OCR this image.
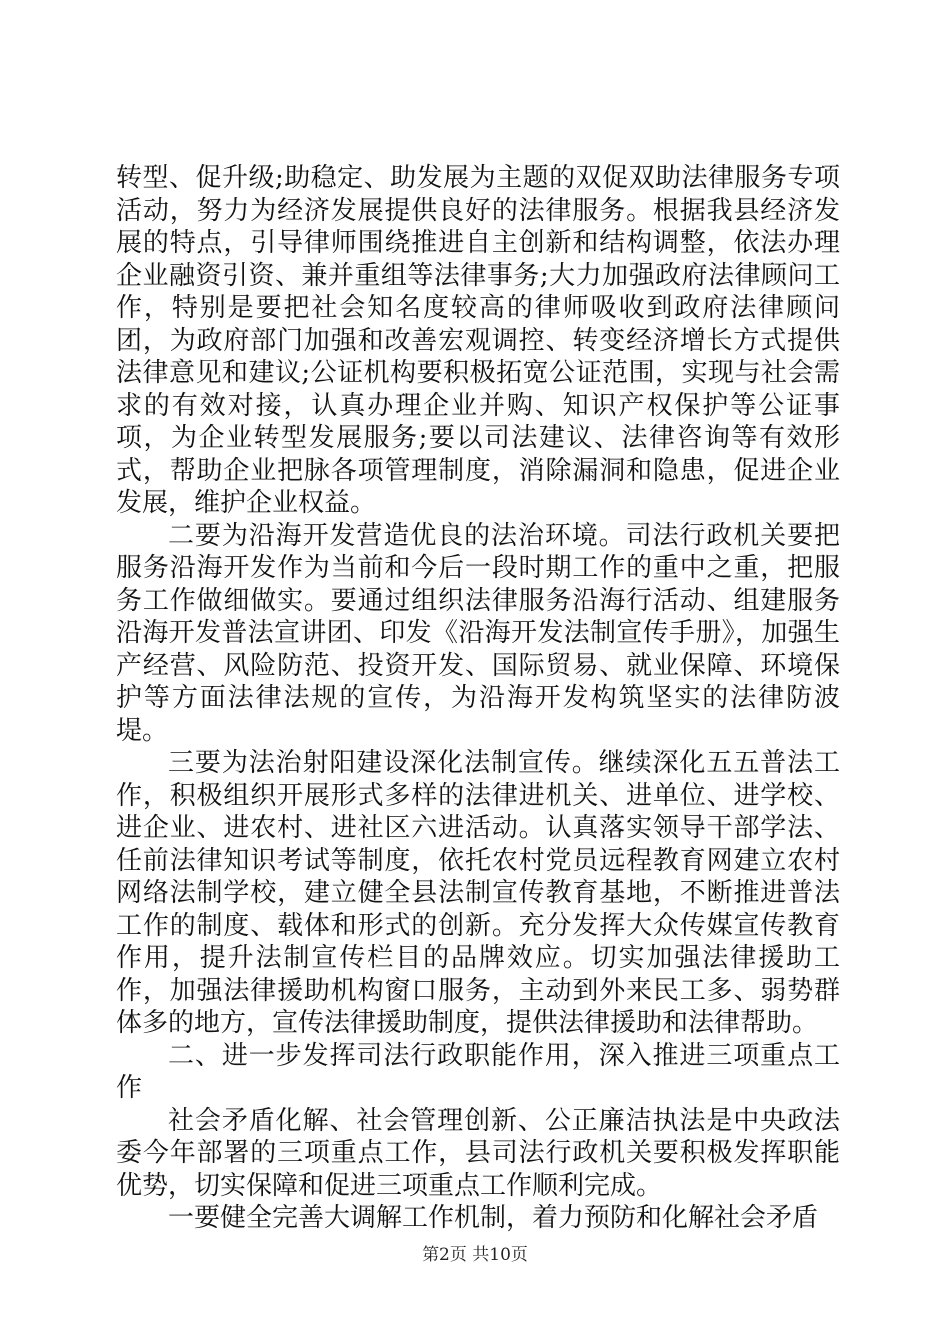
转型、促升级;助稳定、助发展为主题的双促双助法律服务专项活动，努力为经济发展提供良好的法律服务。根据我县经济发展的特点，引导律师围绕推进自主创新和结构调整，依法办理企业融资引资、兼并重组等法律事务;大力加强政府法律顾问工作，特别是要把社会知名度较高的律师吸收到政府法律顾问团，为政府部门加强和改善宏观调控、转变经济增长方式提供法律意见和建议;公证机构要积极拓宽公证范围，实现与社会需求的有效对接，认真办理企业并购、知识产权保护等公证事项，为企业转型发展服务;要以司法建议、法律咨询等有效形式，帮助企业把脉各项管理制度，消除漏洞和隐患，促进企业发展，维护企业权益。

二要为沿海开发营造优良的法治环境。司法行政机关要把服务沿海开发作为当前和今后一段时期工作的重中之重，把服务工作做细做实。要通过组织法律服务沿海行活动、组建服务沿海开发普法宣讲团、印发《沿海开发法制宣传手册》，加强生产经营、风险防范、投资开发、国际贸易、就业保障、环境保护等方面法律法规的宣传，为沿海开发构筑坚实的法律防波堤。

三要为法治射阳建设深化法制宣传。继续深化五五普法工作，积极组织开展形式多样的法律进机关、进单位、进学校、进企业、进农村、进社区六进活动。认真落实领导干部学法、任前法律知识考试等制度，依托农村党员远程教育网建立农村网络法制学校，建立健全县法制宣传教育基地，不断推进普法工作的制度、载体和形式的创新。充分发挥大众传媒宣传教育作用，提升法制宣传栏目的品牌效应。切实加强法律援助工作，加强法律援助机构窗口服务，主动到外来民工多、弱势群体多的地方，宣传法律援助制度，提供法律援助和法律帮助。

二、进一步发挥司法行政职能作用，深入推进三项重点工作

社会矛盾化解、社会管理创新、公正廉洁执法是中央政法委今年部署的三项重点工作，县司法行政机关要积极发挥职能优势，切实保障和促进三项重点工作顺利完成。

一要健全完善大调解工作机制，着力预防和化解社会矛盾

第2页 共10页
